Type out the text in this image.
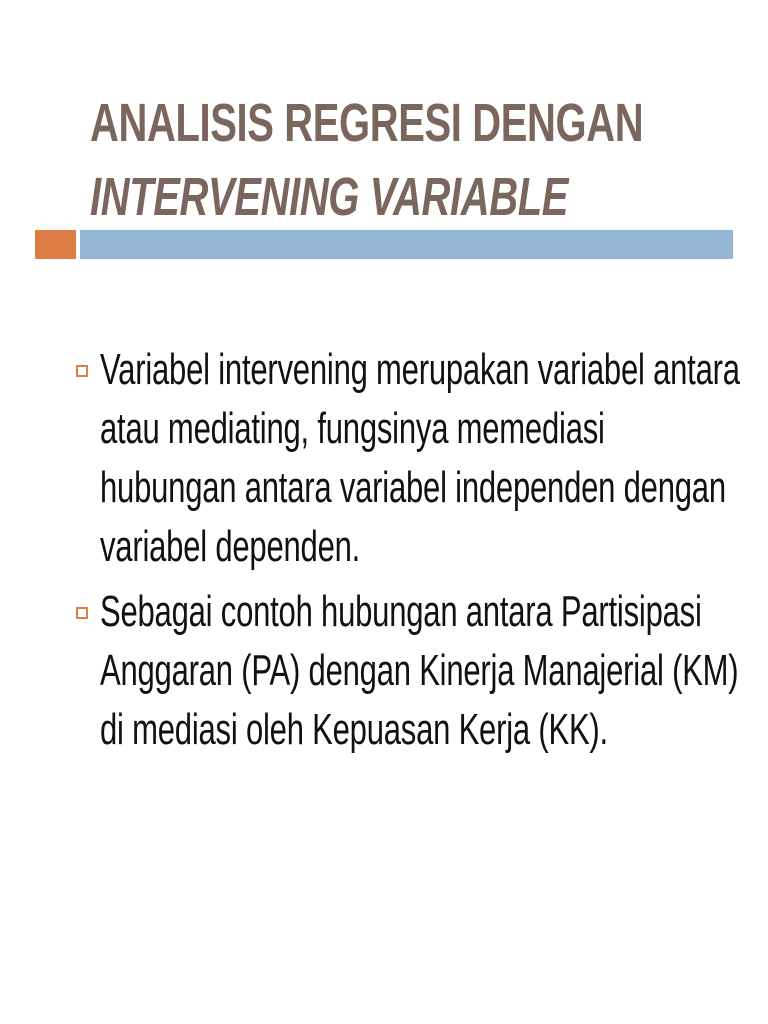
ANALISIS REGRESI DENGAN
INTERVENING VARIABLE
Variabel intervening merupakan variabel antara
atau mediating, fungsinya memediasi
hubungan antara variabel independen dengan
variabel dependen.
Sebagai contoh hubungan antara Partisipasi
Anggaran (PA) dengan Kinerja Manajerial (KM)
di mediasi oleh Kepuasan Kerja (KK).
